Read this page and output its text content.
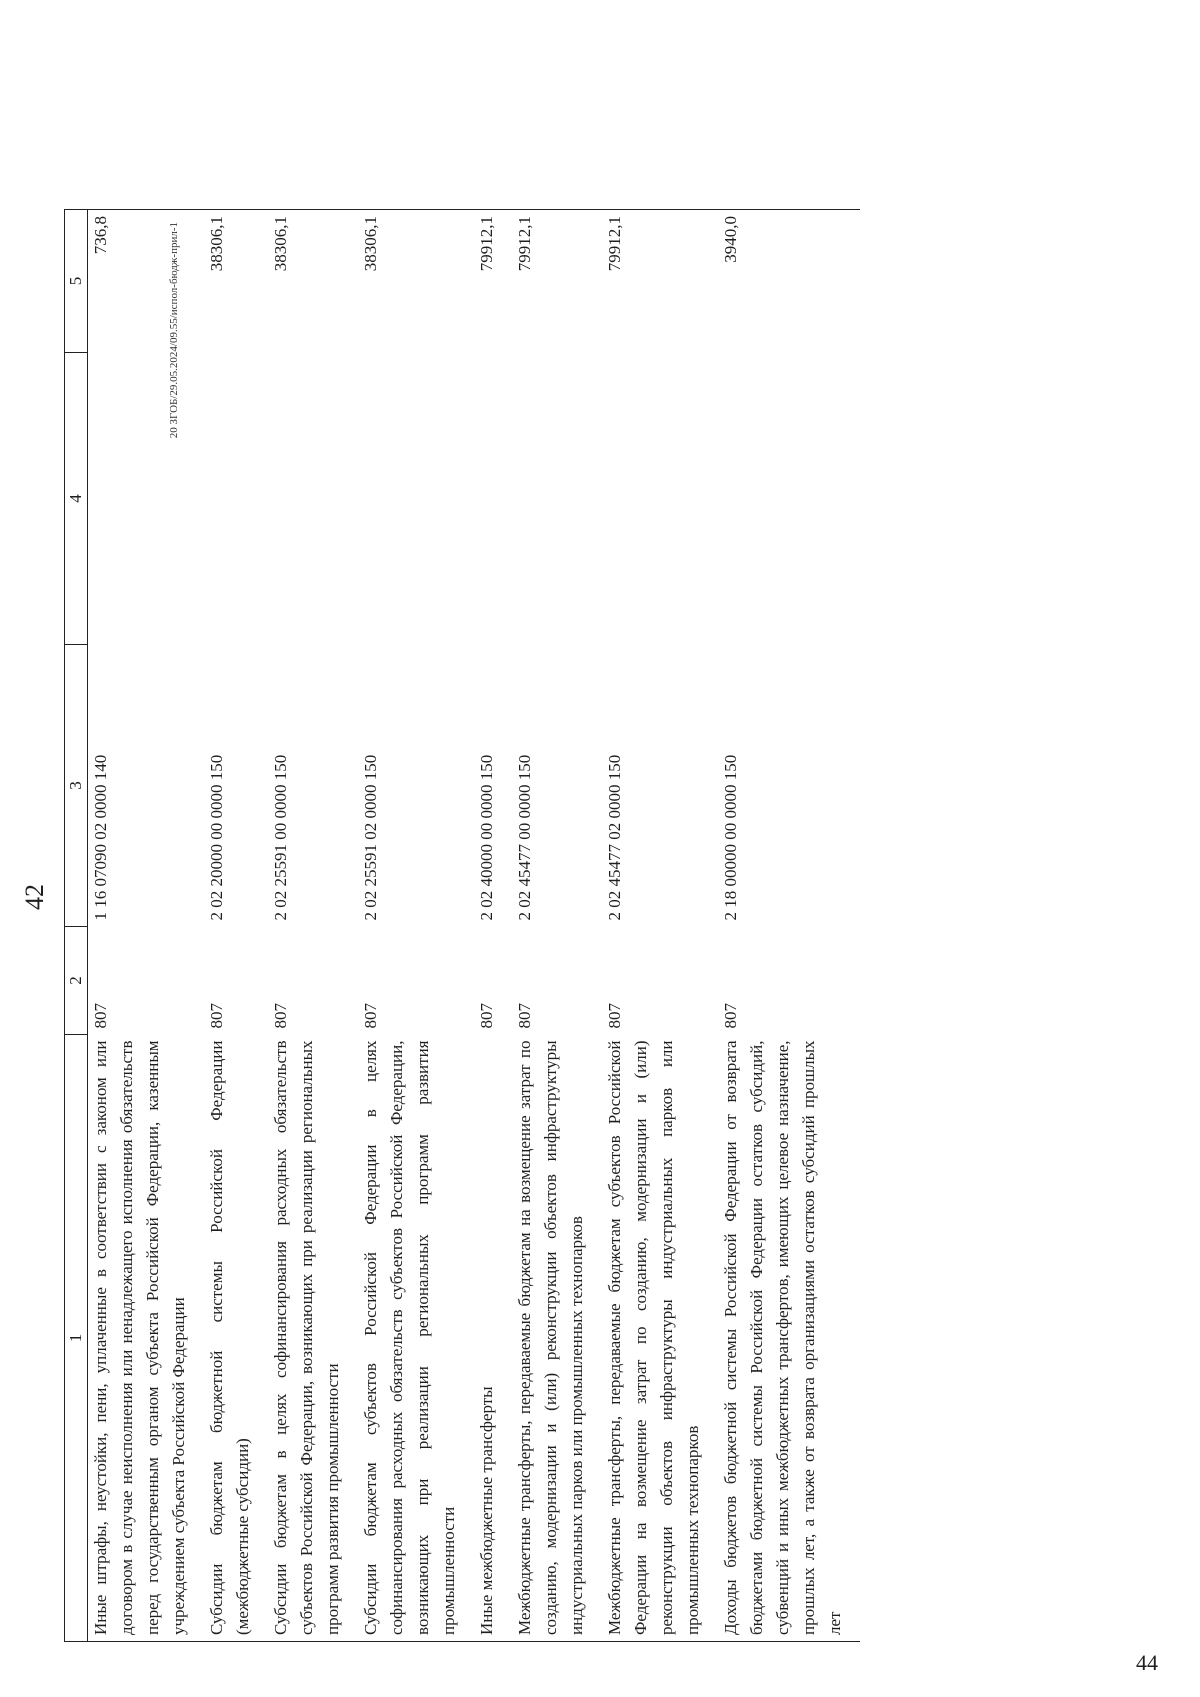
42
1	2	3	4	5
Иные штрафы, неустойки, пени, уплаченные в соответствии с законом или договором в случае неисполнения или ненадлежащего исполнения обязательств перед государственным органом субъекта Российской Федерации, казенным учреждением субъекта Российской Федерации	807	1 16 07090 02 0000 140		736,8
Субсидии бюджетам бюджетной системы Российской Федерации (межбюджетные субсидии)	807	2 02 20000 00 0000 150		38306,1
Субсидии бюджетам в целях софинансирования расходных обязательств субъектов Российской Федерации, возникающих при реализации региональных программ развития промышленности	807	2 02 25591 00 0000 150		38306,1
Субсидии бюджетам субъектов Российской Федерации в целях софинансирования расходных обязательств субъектов Российской Федерации, возникающих при реализации региональных программ развития промышленности	807	2 02 25591 02 0000 150		38306,1
Иные межбюджетные трансферты	807	2 02 40000 00 0000 150		79912,1
Межбюджетные трансферты, передаваемые бюджетам на возмещение затрат по созданию, модернизации и (или) реконструкции объектов инфраструктуры индустриальных парков или промышленных технопарков	807	2 02 45477 00 0000 150		79912,1
Межбюджетные трансферты, передаваемые бюджетам субъектов Российской Федерации на возмещение затрат по созданию, модернизации и (или) реконструкции объектов инфраструктуры индустриальных парков или промышленных технопарков	807	2 02 45477 02 0000 150		79912,1
Доходы бюджетов бюджетной системы Российской Федерации от возврата бюджетами бюджетной системы Российской Федерации остатков субсидий, субвенций и иных межбюджетных трансфертов, имеющих целевое назначение, прошлых лет, а также от возврата организациями остатков субсидий прошлых лет	807	2 18 00000 00 0000 150		3940,0
20 ЗГОБ/29.05.2024/09.55/испол-бюдж-прил-1
44
